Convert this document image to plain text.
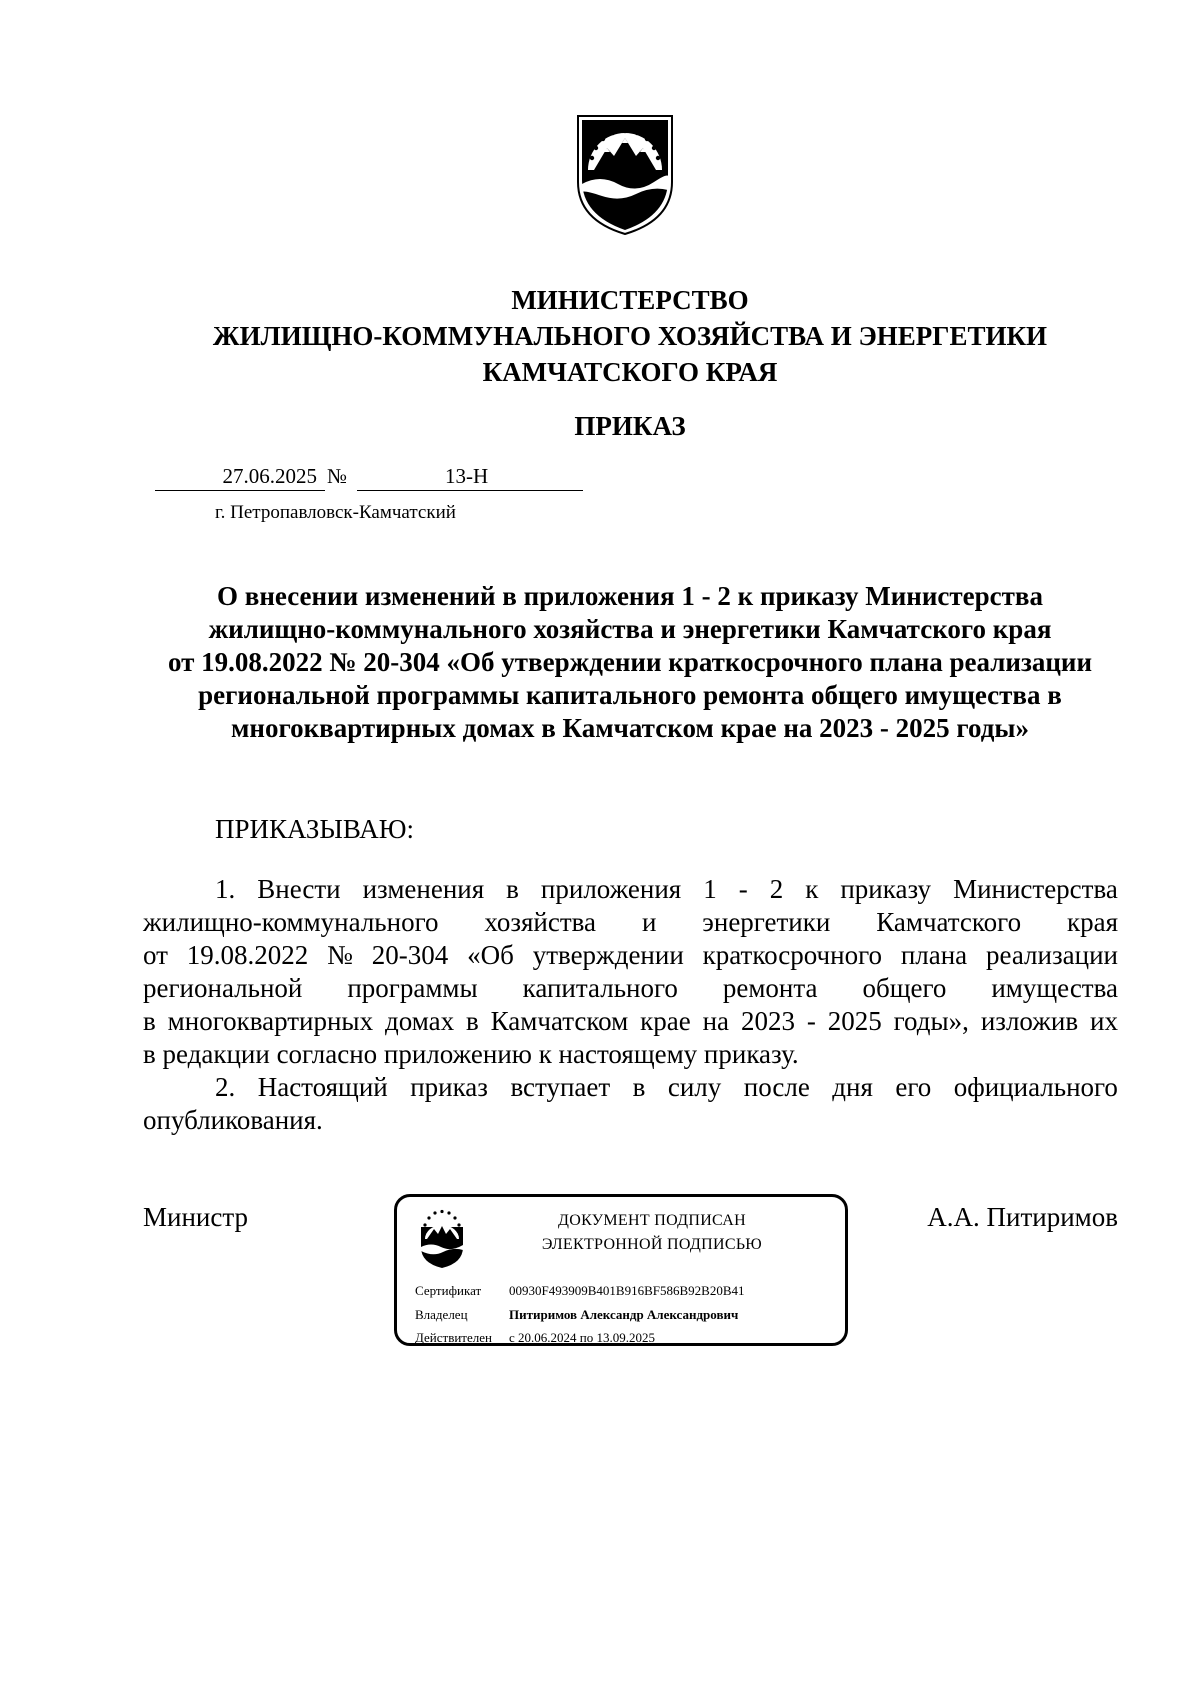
МИНИСТЕРСТВО
ЖИЛИЩНО-КОММУНАЛЬНОГО ХОЗЯЙСТВА И ЭНЕРГЕТИКИ
КАМЧАТСКОГО КРАЯ
ПРИКАЗ
27.06.2025 №	13-Н
г. Петропавловск-Камчатский
О внесении изменений в приложения 1 - 2 к приказу Министерства
жилищно-коммунального хозяйства и энергетики Камчатского края
от 19.08.2022 № 20-304 «Об утверждении краткосрочного плана реализации
региональной программы капитального ремонта общего имущества в
многоквартирных домах в Камчатском крае на 2023 - 2025 годы»
ПРИКАЗЫВАЮ:
1. Внести изменения в приложения 1 - 2 к приказу Министерства
жилищно-коммунального хозяйства и энергетики Камчатского края
от 19.08.2022 № 20-304 «Об утверждении краткосрочного плана реализации
региональной программы капитального ремонта общего имущества
в многоквартирных домах в Камчатском крае на 2023 - 2025 годы», изложив их
в редакции согласно приложению к настоящему приказу.
2. Настоящий приказ вступает в силу после дня его официального
опубликования.
Министр	А.А. Питиримов
ДОКУМЕНТ ПОДПИСАН
ЭЛЕКТРОННОЙ ПОДПИСЬЮ
Сертификат 00930F493909B401B916BF586B92B20B41
Владелец	Питиримов Александр Александрович
Действителен с 20.06.2024 по 13.09.2025
